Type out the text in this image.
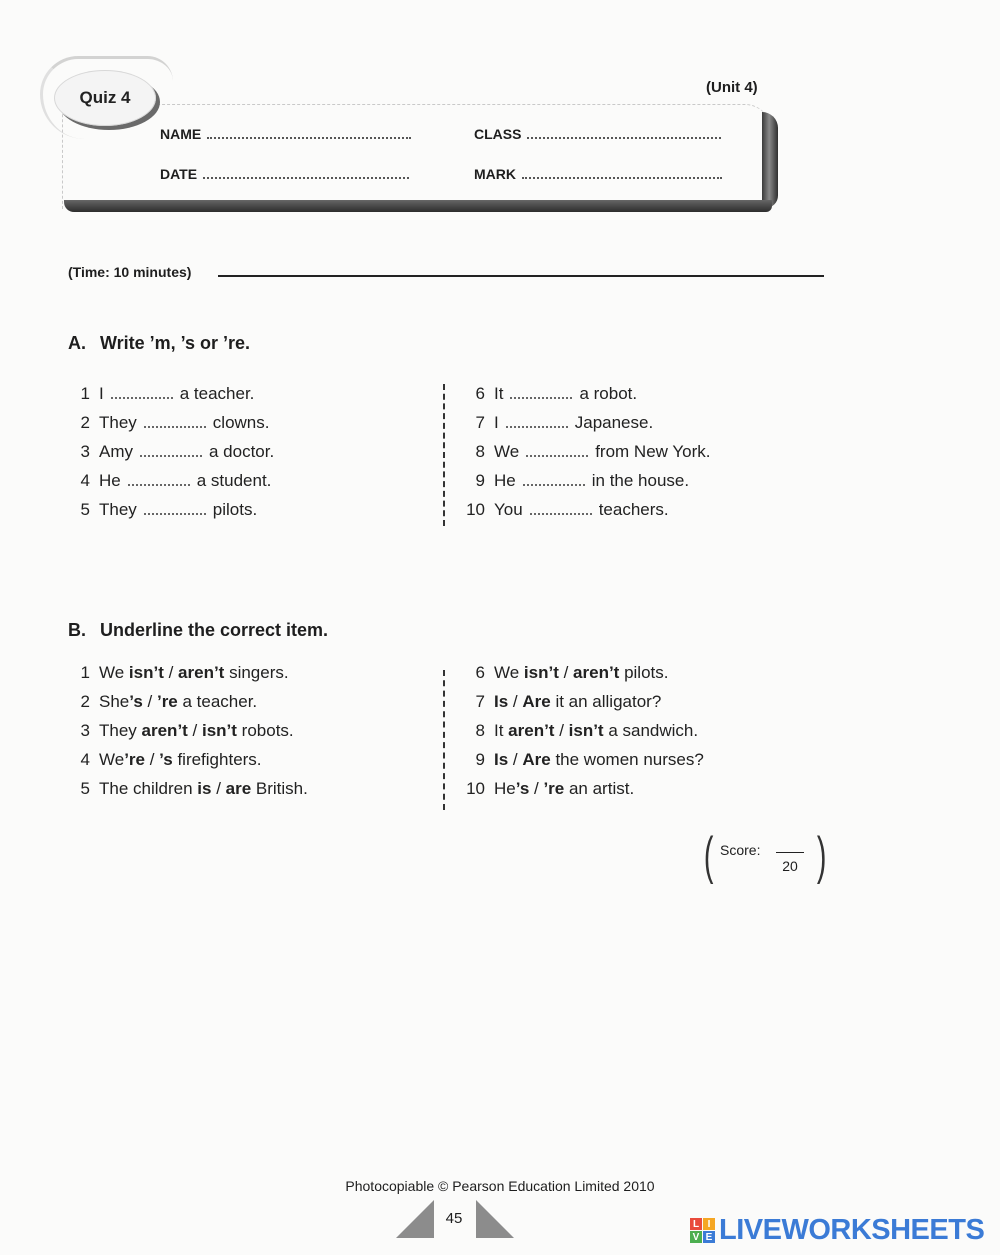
Quiz 4
(Unit 4)
NAME	CLASS
DATE	MARK
(Time: 10 minutes)
A. Write ’m, ’s or ’re.
1 I	a teacher.
2 They	clowns.
3 Amy	a doctor.
4 He	a student.
5 They	pilots.
6 It	a robot.
7 I	Japanese.
8 We	from New York.
9 He	in the house.
10 You	teachers.
B. Underline the correct item.
1 We isn’t / aren’t singers.
2 She’s / ’re a teacher.
3 They aren’t / isn’t robots.
4 We’re / ’s firefighters.
5 The children is / are British.
6 We isn’t / aren’t pilots.
7 Is / Are it an alligator?
8 It aren’t / isn’t a sandwich.
9 Is / Are the women nurses?
10 He’s / ’re an artist.
( Score:
20 )
Photocopiable © Pearson Education Limited 2010
45	L I
V E LIVEWORKSHEETS
